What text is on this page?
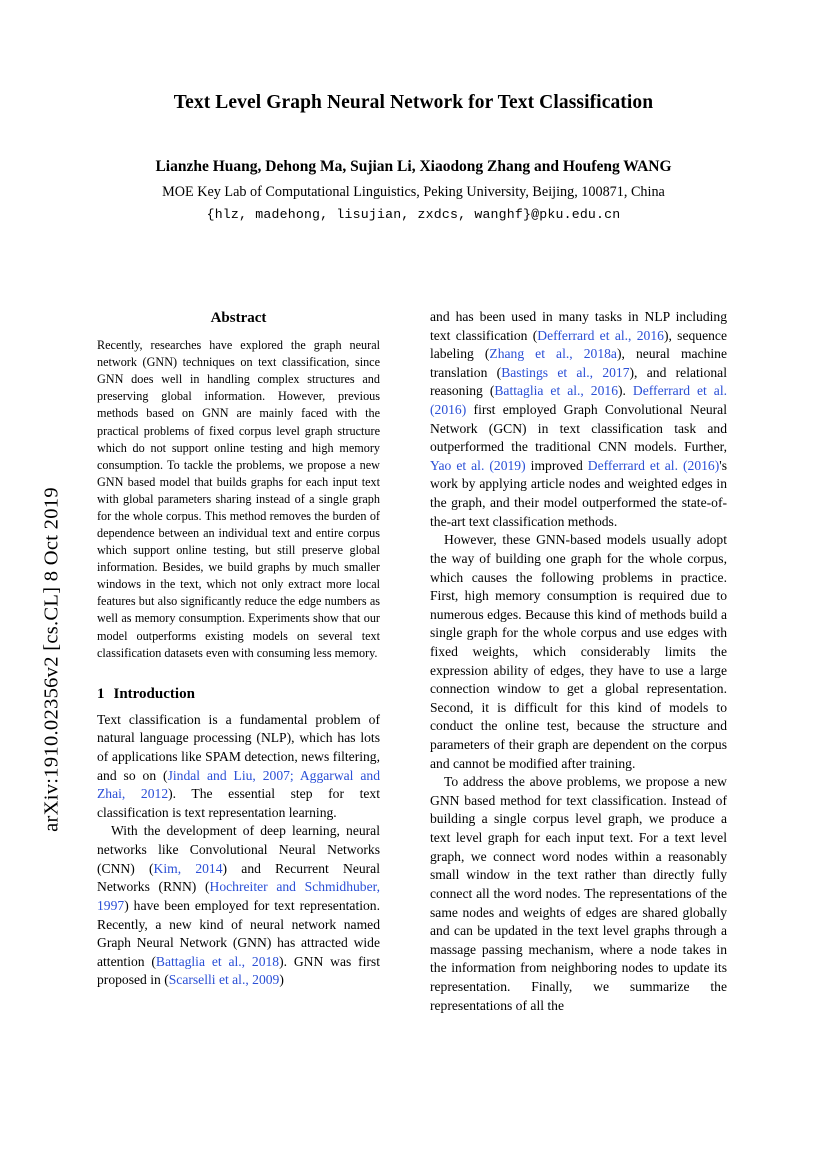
arXiv:1910.02356v2 [cs.CL] 8 Oct 2019
Text Level Graph Neural Network for Text Classification
Lianzhe Huang, Dehong Ma, Sujian Li, Xiaodong Zhang and Houfeng WANG
MOE Key Lab of Computational Linguistics, Peking University, Beijing, 100871, China
{hlz, madehong, lisujian, zxdcs, wanghf}@pku.edu.cn
Abstract
Recently, researches have explored the graph neural network (GNN) techniques on text classification, since GNN does well in handling complex structures and preserving global information. However, previous methods based on GNN are mainly faced with the practical problems of fixed corpus level graph structure which do not support online testing and high memory consumption. To tackle the problems, we propose a new GNN based model that builds graphs for each input text with global parameters sharing instead of a single graph for the whole corpus. This method removes the burden of dependence between an individual text and entire corpus which support online testing, but still preserve global information. Besides, we build graphs by much smaller windows in the text, which not only extract more local features but also significantly reduce the edge numbers as well as memory consumption. Experiments show that our model outperforms existing models on several text classification datasets even with consuming less memory.
1 Introduction

Text classification is a fundamental problem of natural language processing (NLP), which has lots of applications like SPAM detection, news filtering, and so on (Jindal and Liu, 2007; Aggarwal and Zhai, 2012). The essential step for text classification is text representation learning.

With the development of deep learning, neural networks like Convolutional Neural Networks (CNN) (Kim, 2014) and Recurrent Neural Networks (RNN) (Hochreiter and Schmidhuber, 1997) have been employed for text representation. Recently, a new kind of neural network named Graph Neural Network (GNN) has attracted wide attention (Battaglia et al., 2018). GNN was first proposed in (Scarselli et al., 2009)

and has been used in many tasks in NLP including text classification (Defferrard et al., 2016), sequence labeling (Zhang et al., 2018a), neural machine translation (Bastings et al., 2017), and relational reasoning (Battaglia et al., 2016). Defferrard et al. (2016) first employed Graph Convolutional Neural Network (GCN) in text classification task and outperformed the traditional CNN models. Further, Yao et al. (2019) improved Defferrard et al. (2016)'s work by applying article nodes and weighted edges in the graph, and their model outperformed the state-of-the-art text classification methods.

However, these GNN-based models usually adopt the way of building one graph for the whole corpus, which causes the following problems in practice. First, high memory consumption is required due to numerous edges. Because this kind of methods build a single graph for the whole corpus and use edges with fixed weights, which considerably limits the expression ability of edges, they have to use a large connection window to get a global representation. Second, it is difficult for this kind of models to conduct the online test, because the structure and parameters of their graph are dependent on the corpus and cannot be modified after training.

To address the above problems, we propose a new GNN based method for text classification. Instead of building a single corpus level graph, we produce a text level graph for each input text. For a text level graph, we connect word nodes within a reasonably small window in the text rather than directly fully connect all the word nodes. The representations of the same nodes and weights of edges are shared globally and can be updated in the text level graphs through a massage passing mechanism, where a node takes in the information from neighboring nodes to update its representation. Finally, we summarize the representations of all the
